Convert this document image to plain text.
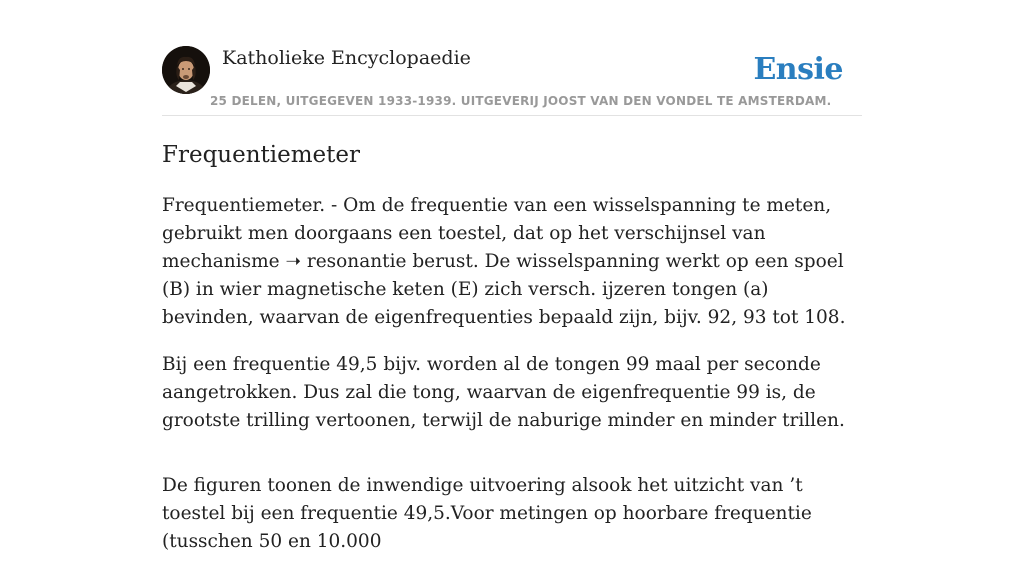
Katholieke Encyclopaedie	Ensie
25 DELEN, UITGEGEVEN 1933-1939. UITGEVERIJ JOOST VAN DEN VONDEL TE AMSTERDAM.
Frequentiemeter

Frequentiemeter. - Om de frequentie van een wisselspanning te meten, gebruikt men doorgaans een toestel, dat op het verschijnsel van mechanisme ➝ resonantie berust. De wisselspanning werkt op een spoel (B) in wier magnetische keten (E) zich versch. ijzeren tongen (a) bevinden, waarvan de eigenfrequenties bepaald zijn, bijv. 92, 93 tot 108.

Bij een frequentie 49,5 bijv. worden al de tongen 99 maal per seconde aangetrokken. Dus zal die tong, waarvan de eigenfrequentie 99 is, de grootste trilling vertoonen, terwijl de naburige minder en minder trillen.

De figuren toonen de inwendige uitvoering alsook het uitzicht van ’t toestel bij een frequentie 49,5.Voor metingen op hoorbare frequentie (tusschen 50 en 10.000
